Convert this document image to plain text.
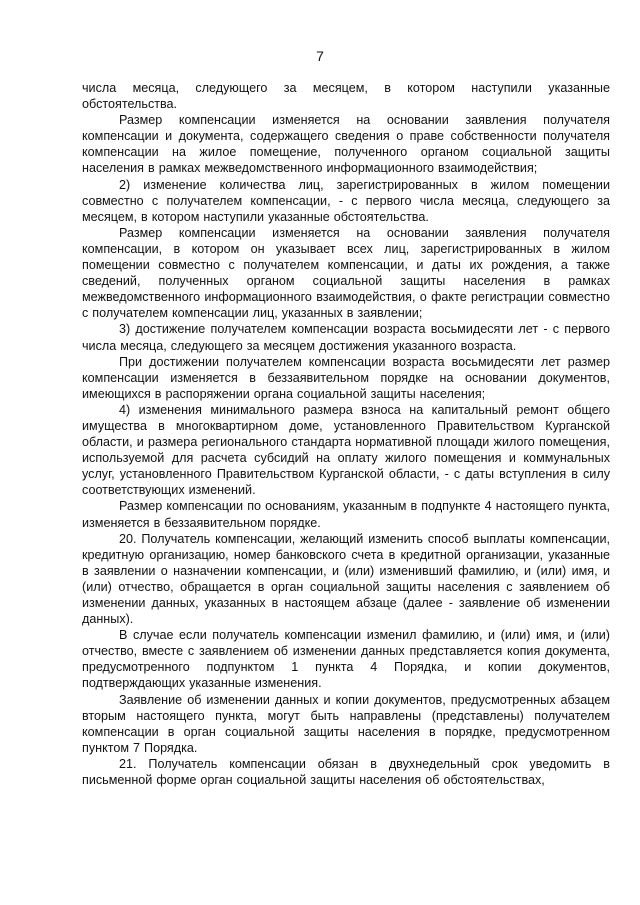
7

числа месяца, следующего за месяцем, в котором наступили указанные обстоятельства.

Размер компенсации изменяется на основании заявления получателя компенсации и документа, содержащего сведения о праве собственности получателя компенсации на жилое помещение, полученного органом социальной защиты населения в рамках межведомственного информационного взаимодействия;

2) изменение количества лиц, зарегистрированных в жилом помещении совместно с получателем компенсации, - с первого числа месяца, следующего за месяцем, в котором наступили указанные обстоятельства.

Размер компенсации изменяется на основании заявления получателя компенсации, в котором он указывает всех лиц, зарегистрированных в жилом помещении совместно с получателем компенсации, и даты их рождения, а также сведений, полученных органом социальной защиты населения в рамках межведомственного информационного взаимодействия, о факте регистрации совместно с получателем компенсации лиц, указанных в заявлении;

3) достижение получателем компенсации возраста восьмидесяти лет - с первого числа месяца, следующего за месяцем достижения указанного возраста.

При достижении получателем компенсации возраста восьмидесяти лет размер компенсации изменяется в беззаявительном порядке на основании документов, имеющихся в распоряжении органа социальной защиты населения;

4) изменения минимального размера взноса на капитальный ремонт общего имущества в многоквартирном доме, установленного Правительством Курганской области, и размера регионального стандарта нормативной площади жилого помещения, используемой для расчета субсидий на оплату жилого помещения и коммунальных услуг, установленного Правительством Курганской области, - с даты вступления в силу соответствующих изменений.

Размер компенсации по основаниям, указанным в подпункте 4 настоящего пункта, изменяется в беззаявительном порядке.

20. Получатель компенсации, желающий изменить способ выплаты компенсации, кредитную организацию, номер банковского счета в кредитной организации, указанные в заявлении о назначении компенсации, и (или) изменивший фамилию, и (или) имя, и (или) отчество, обращается в орган социальной защиты населения с заявлением об изменении данных, указанных в настоящем абзаце (далее - заявление об изменении данных).

В случае если получатель компенсации изменил фамилию, и (или) имя, и (или) отчество, вместе с заявлением об изменении данных представляется копия документа, предусмотренного подпунктом 1 пункта 4 Порядка, и копии документов, подтверждающих указанные изменения.

Заявление об изменении данных и копии документов, предусмотренных абзацем вторым настоящего пункта, могут быть направлены (представлены) получателем компенсации в орган социальной защиты населения в порядке, предусмотренном пунктом 7 Порядка.

21. Получатель компенсации обязан в двухнедельный срок уведомить в письменной форме орган социальной защиты населения об обстоятельствах,
